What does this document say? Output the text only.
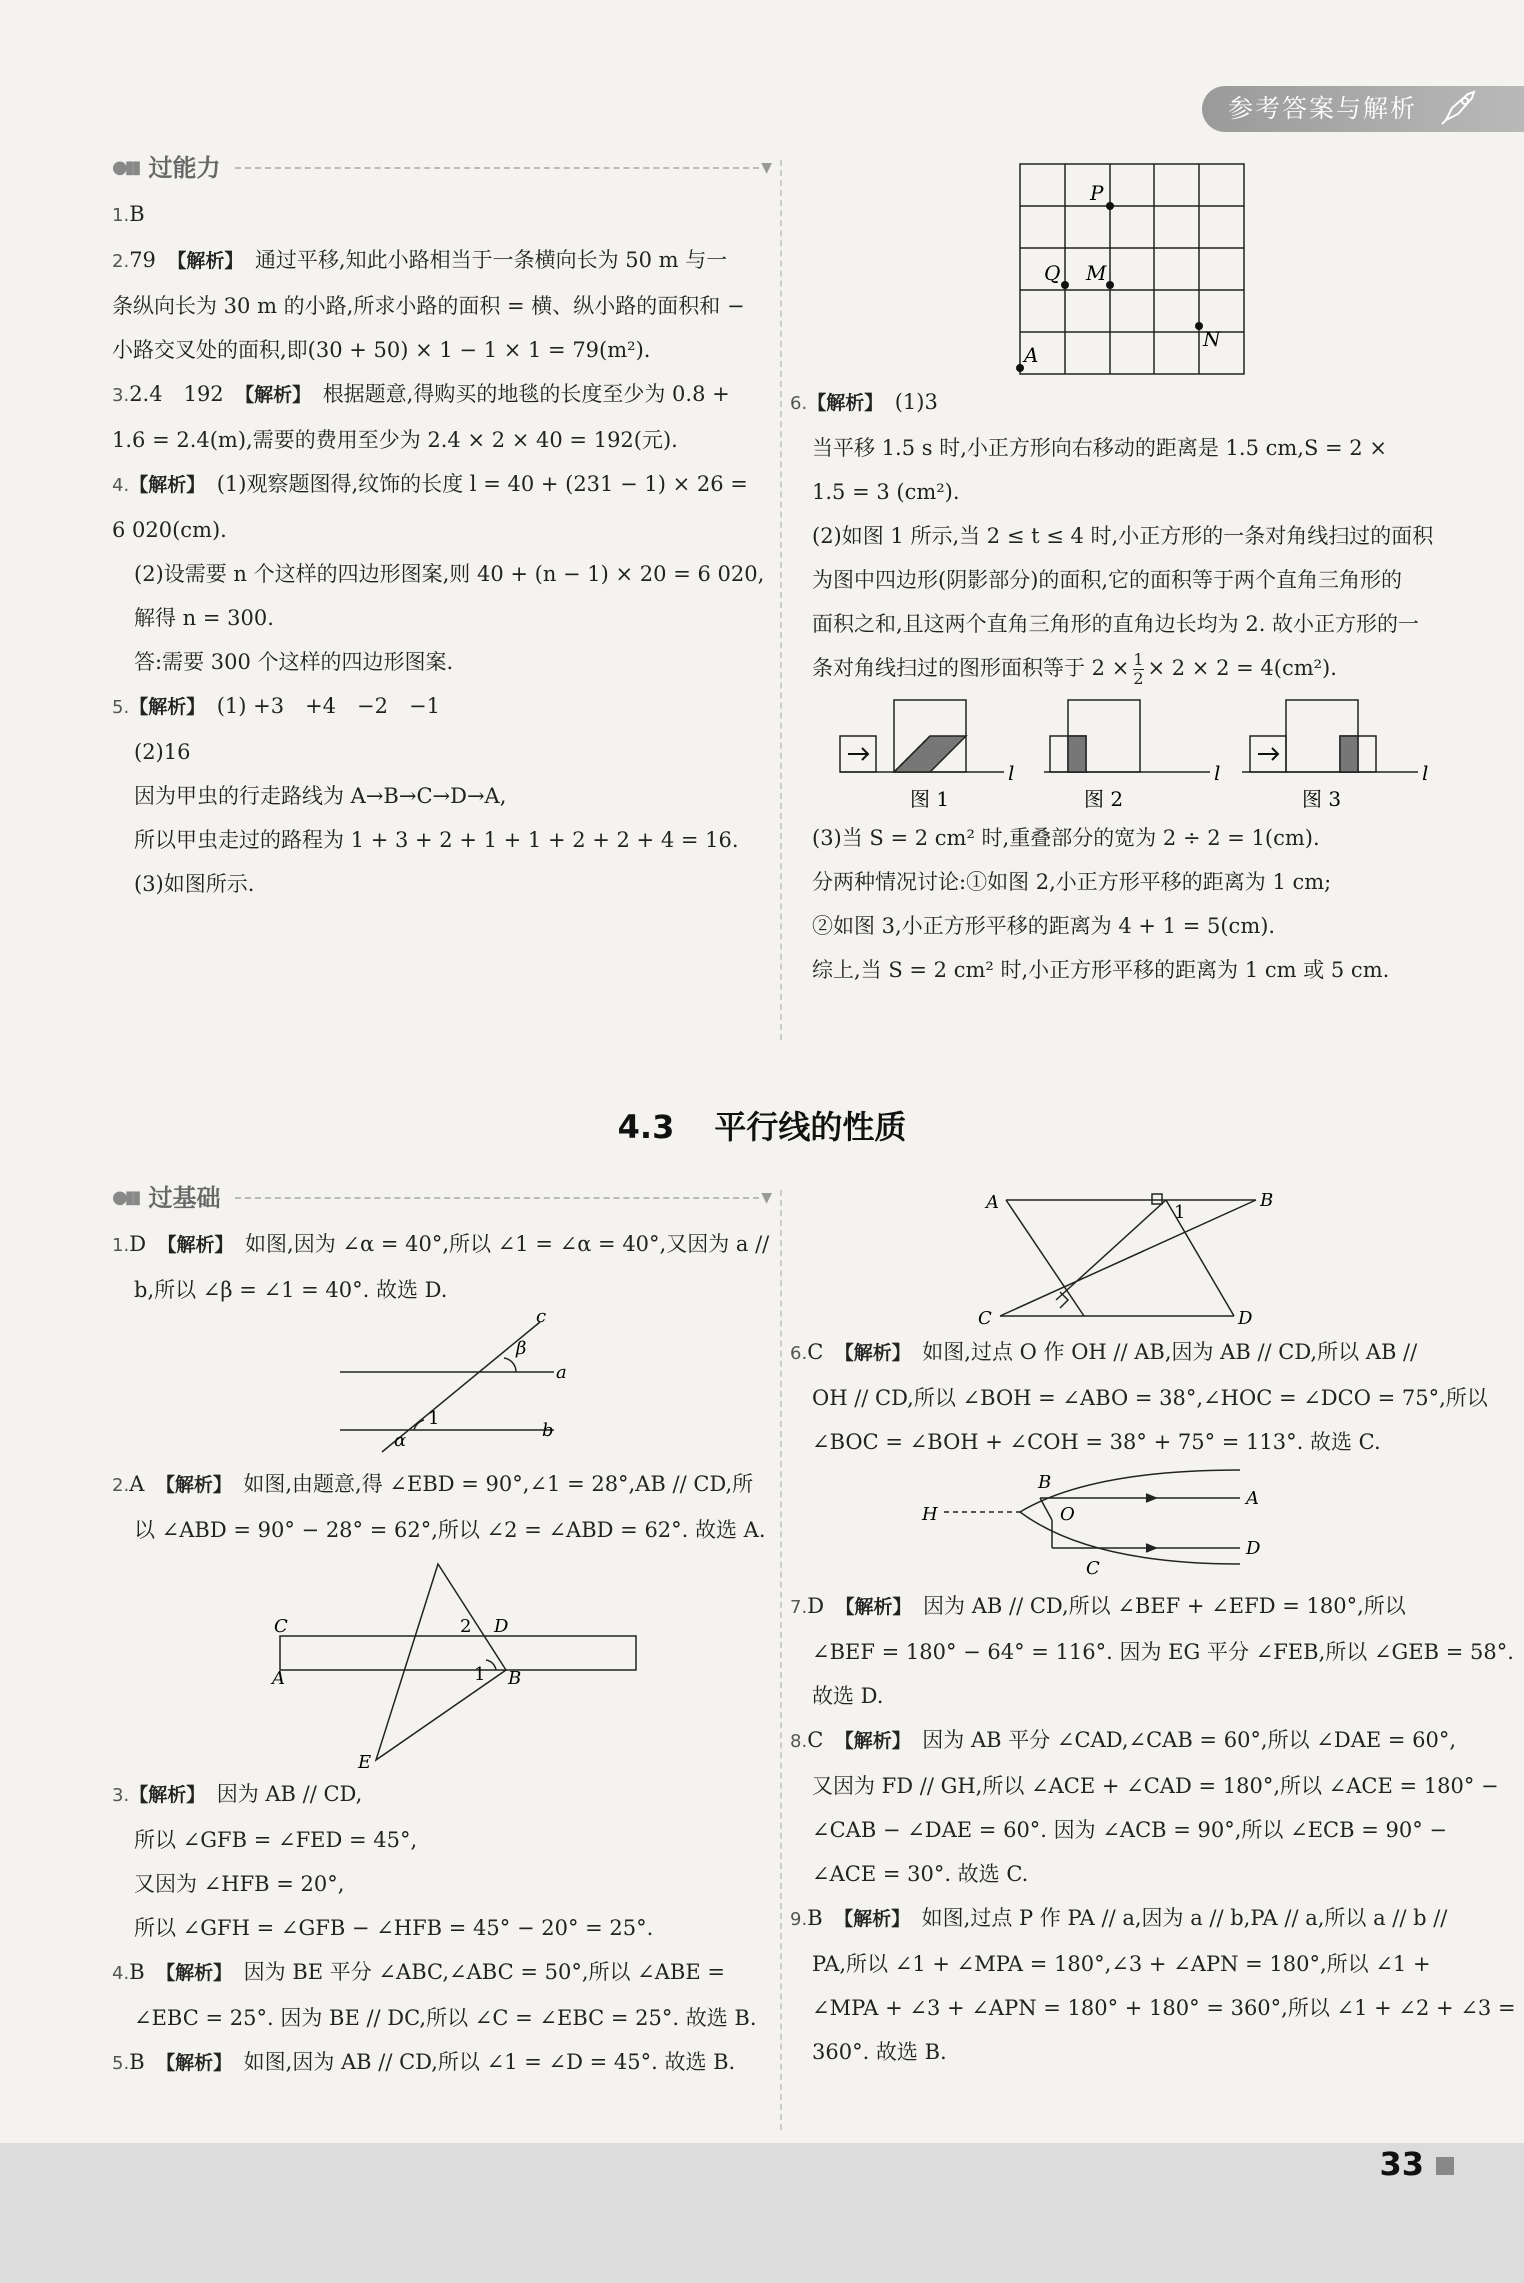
参考答案与解析
●▮▮ 过能力	▼

1.B

2.79　 【解析】　 通过平移,知此小路相当于一条横向长为 50 m 与一

条纵向长为 30 m 的小路,所求小路的面积 = 横、纵小路的面积和 −

小路交叉处的面积,即(30 + 50) × 1 − 1 × 1 = 79(m²).

3.2.4　192　 【解析】　 根据题意,得购买的地毯的长度至少为 0.8 +

1.6 = 2.4(m),需要的费用至少为 2.4 × 2 × 40 = 192(元).

4.【解析】　 (1)观察题图得,纹饰的长度 l = 40 + (231 − 1) × 26 =

6 020(cm).

(2)设需要 n 个这样的四边形图案,则 40 + (n − 1) × 20 = 6 020,

解得 n = 300.

答:需要 300 个这样的四边形图案.

5.【解析】　 (1) +3　+4　−2　−1

(2)16

因为甲虫的行走路线为 A→B→C→D→A,

所以甲虫走过的路程为 1 + 3 + 2 + 1 + 1 + 2 + 2 + 4 = 16.

(3)如图所示.

P
Q M
N
A

6.【解析】　 (1)3

当平移 1.5 s 时,小正方形向右移动的距离是 1.5 cm,S = 2 ×

1.5 = 3 (cm²).

(2)如图 1 所示,当 2 ≤ t ≤ 4 时,小正方形的一条对角线扫过的面积

为图中四边形(阴影部分)的面积,它的面积等于两个直角三角形的

面积之和,且这两个直角三角形的直角边长均为 2. 故小正方形的一

条对角线扫过的图形面积等于 $2 \times \frac{1}{2} \times 2 \times 2 = 4(cm^2)$.

l	l	l
图 1	图 2	图 3

(3)当 S = 2 cm² 时,重叠部分的宽为 2 ÷ 2 = 1(cm).

分两种情况讨论:①如图 2,小正方形平移的距离为 1 cm;

②如图 3,小正方形平移的距离为 4 + 1 = 5(cm).

综上,当 S = 2 cm² 时,小正方形平移的距离为 1 cm 或 5 cm.

4.3 平行线的性质
●▮▮ 过基础	▼

1.D　 【解析】　 如图,因为 ∠α = 40°,所以 ∠1 = ∠α = 40°,又因为 a //

b,所以 ∠β = ∠1 = 40°. 故选 D.

c
β
a
α
1
b

2.A　 【解析】　 如图,由题意,得 ∠EBD = 90°,∠1 = 28°,AB // CD,所

以 ∠ABD = 90° − 28° = 62°,所以 ∠2 = ∠ABD = 62°. 故选 A.

C	2 D
A	1 B
E

3.【解析】　 因为 AB // CD,

所以 ∠GFB = ∠FED = 45°,

又因为 ∠HFB = 20°,

所以 ∠GFH = ∠GFB − ∠HFB = 45° − 20° = 25°.

4.B　 【解析】　 因为 BE 平分 ∠ABC,∠ABC = 50°,所以 ∠ABE =

∠EBC = 25°. 因为 BE // DC,所以 ∠C = ∠EBC = 25°. 故选 B.

5.B　 【解析】　 如图,因为 AB // CD,所以 ∠1 = ∠D = 45°. 故选 B.

A	B
C	D
1

6.C　 【解析】　 如图,过点 O 作 OH // AB,因为 AB // CD,所以 AB //

OH // CD,所以 ∠BOH = ∠ABO = 38°,∠HOC = ∠DCO = 75°,所以

∠BOC = ∠BOH + ∠COH = 38° + 75° = 113°. 故选 C.

B
O
A
H
C
D

7.D　 【解析】　 因为 AB // CD,所以 ∠BEF + ∠EFD = 180°,所以

∠BEF = 180° − 64° = 116°. 因为 EG 平分 ∠FEB,所以 ∠GEB = 58°.

故选 D.

8.C　 【解析】　 因为 AB 平分 ∠CAD,∠CAB = 60°,所以 ∠DAE = 60°,

又因为 FD // GH,所以 ∠ACE + ∠CAD = 180°,所以 ∠ACE = 180° −

∠CAB − ∠DAE = 60°. 因为 ∠ACB = 90°,所以 ∠ECB = 90° −

∠ACE = 30°. 故选 C.

9.B　 【解析】　 如图,过点 P 作 PA // a,因为 a // b,PA // a,所以 a // b //

PA,所以 ∠1 + ∠MPA = 180°,∠3 + ∠APN = 180°,所以 ∠1 +

∠MPA + ∠3 + ∠APN = 180° + 180° = 360°,所以 ∠1 + ∠2 + ∠3 =

360°. 故选 B.

33
